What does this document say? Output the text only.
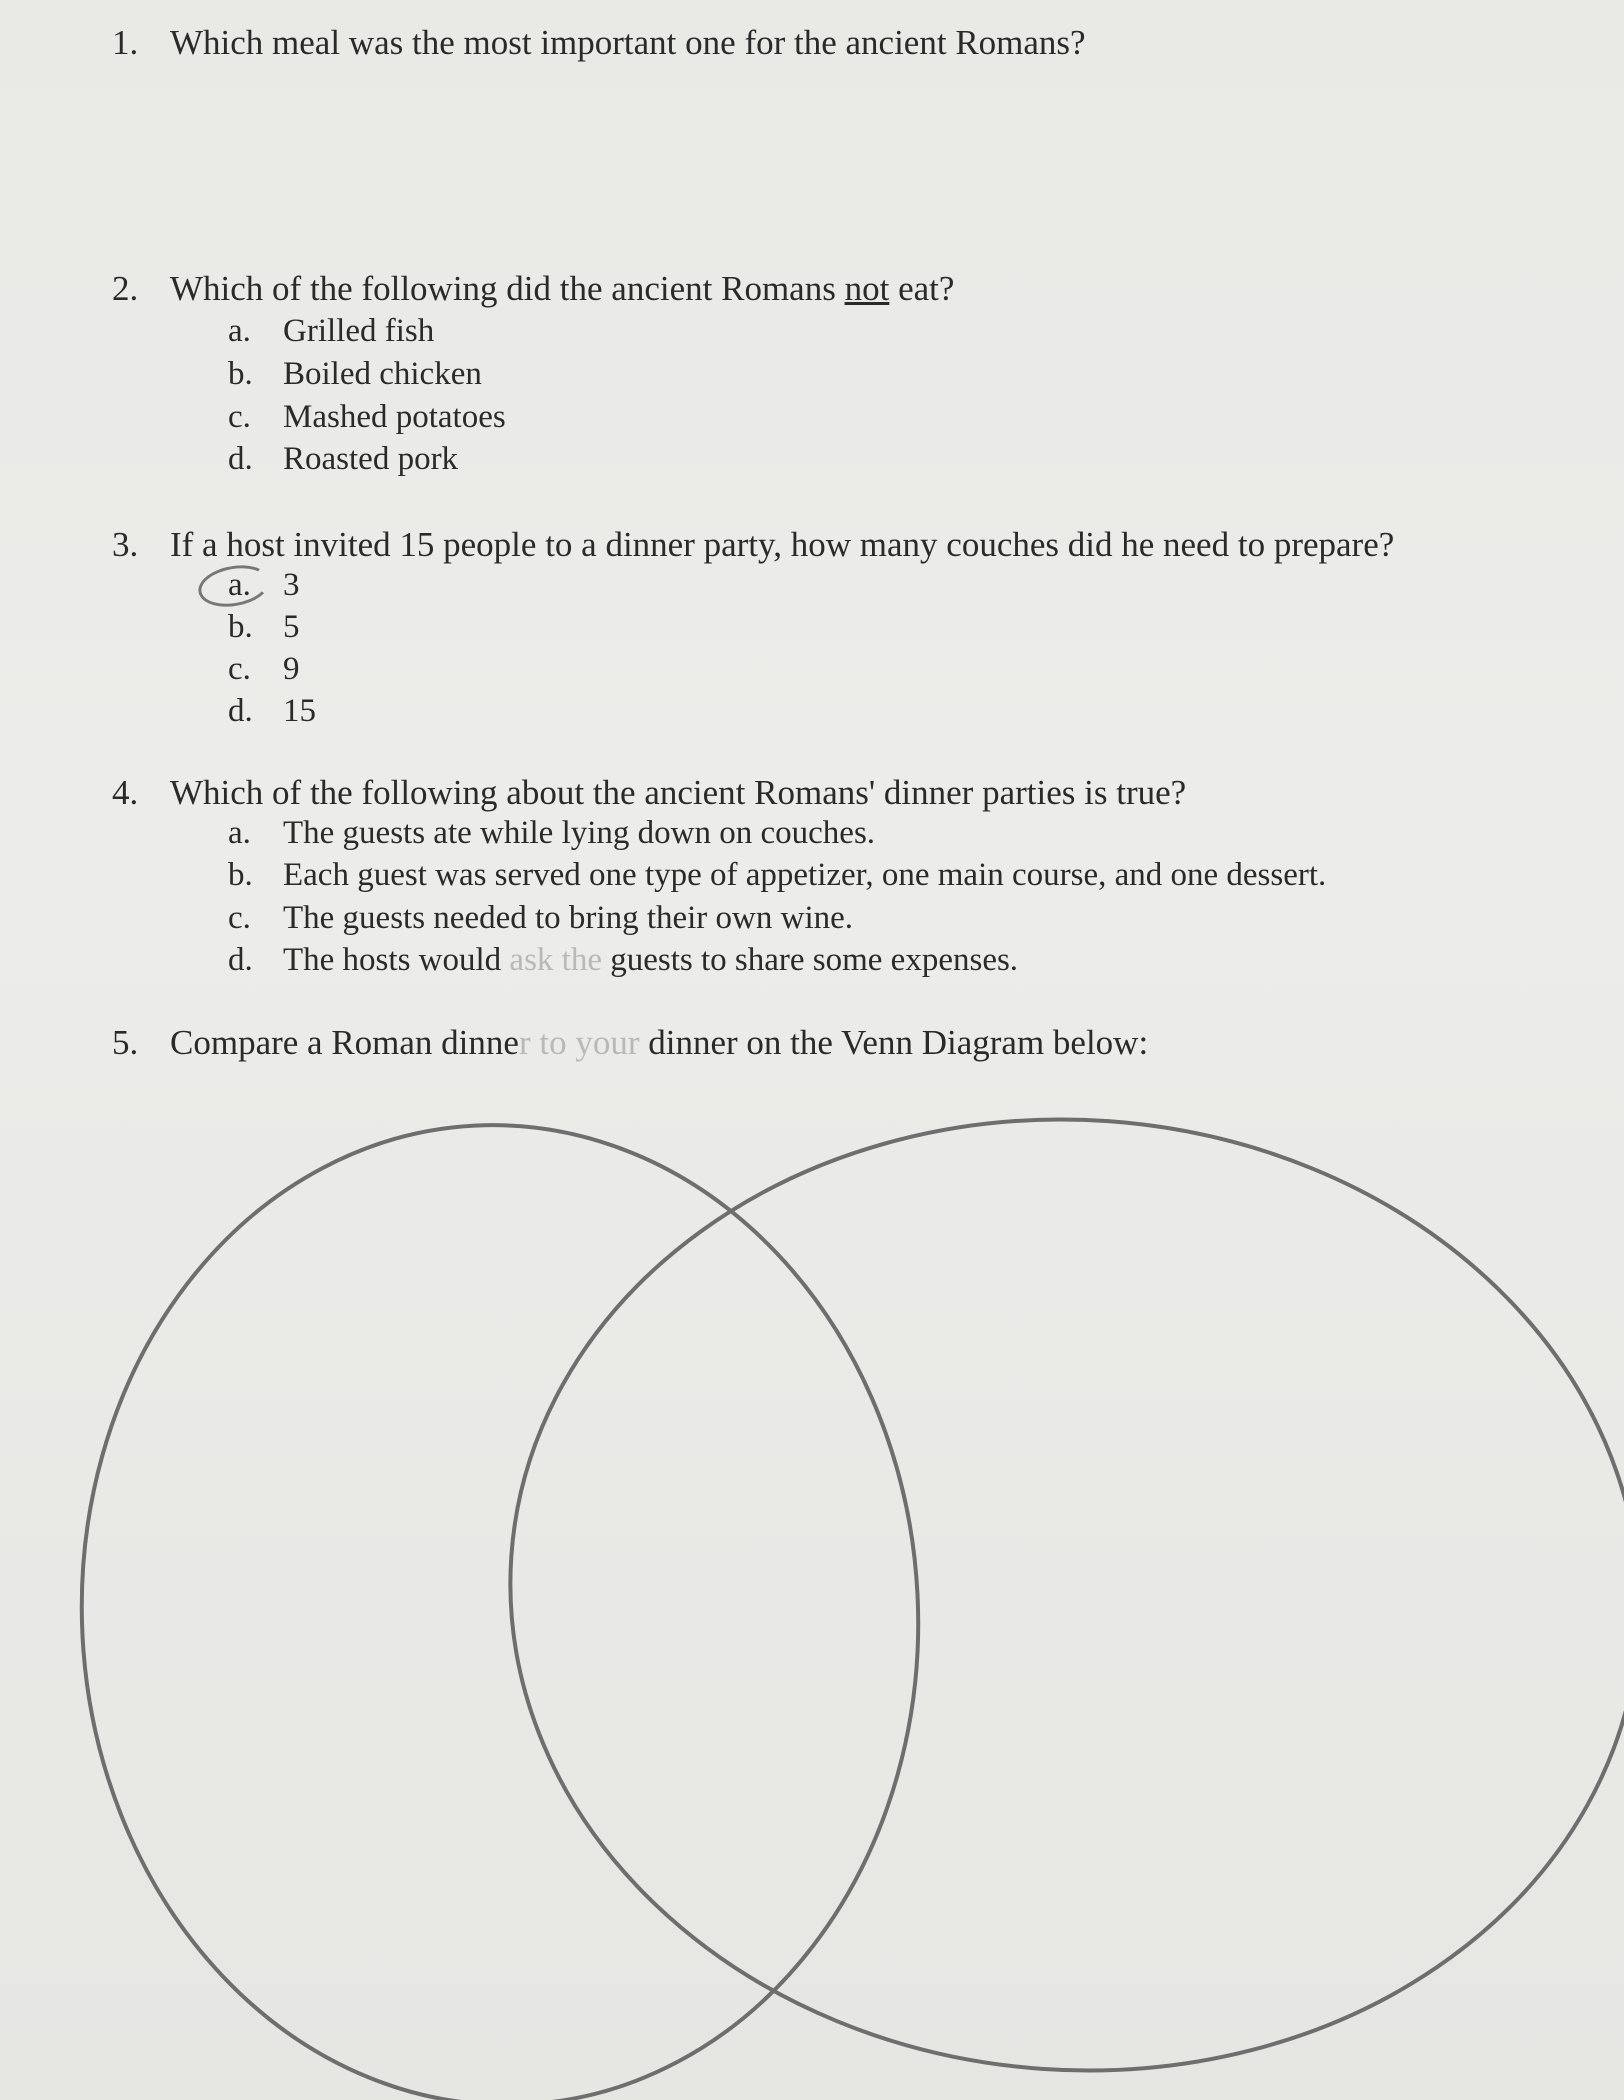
1. Which meal was the most important one for the ancient Romans?
2. Which of the following did the ancient Romans not eat?
a. Grilled fish
b. Boiled chicken
c. Mashed potatoes
d. Roasted pork
3. If a host invited 15 people to a dinner party, how many couches did he need to prepare?
a. 3
b. 5
c. 9
d. 15
4. Which of the following about the ancient Romans' dinner parties is true?
a. The guests ate while lying down on couches.
b. Each guest was served one type of appetizer, one main course, and one dessert.
c. The guests needed to bring their own wine.
d. The hosts would ask the guests to share some expenses.
5. Compare a Roman dinner to your dinner on the Venn Diagram below:
